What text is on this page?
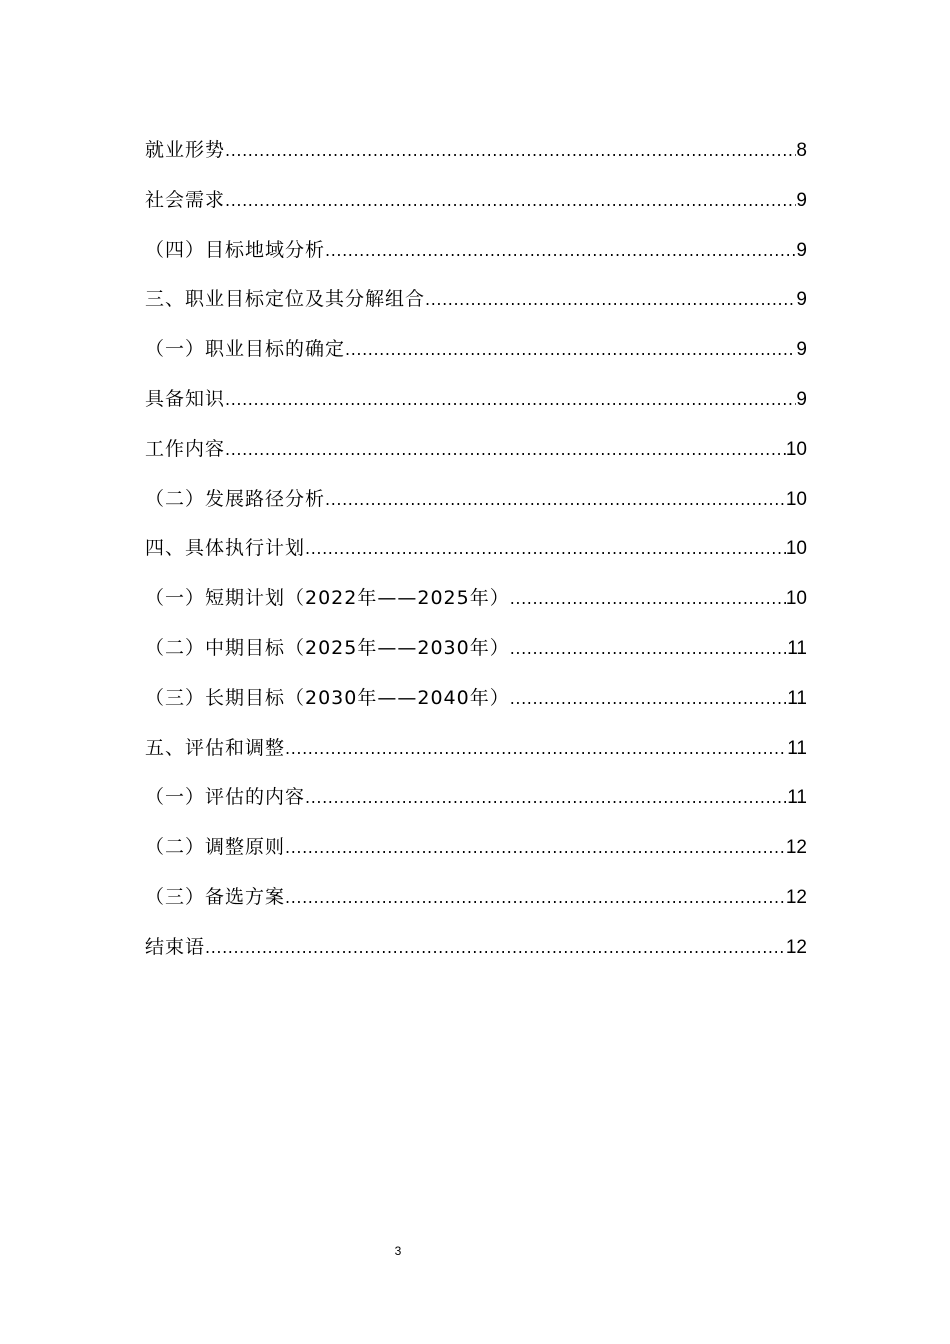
就业形势 .....	8
社会需求 .....	9
（四）目标地域分析 .....	9
三、职业目标定位及其分解组合 .....	9
（一）职业目标的确定 .....	9
具备知识 .....	9
工作内容 .....	10
（二）发展路径分析 .....	10
四、具体执行计划 .....	10
（一）短期计划（2022年——2025年） .....	10
（二）中期目标（2025年——2030年） .....	11
（三）长期目标（2030年——2040年） .....	11
五、评估和调整 .....	11
（一）评估的内容 .....	11
（二）调整原则 .....	12
（三）备选方案 .....	12
结束语 .....	12
3
